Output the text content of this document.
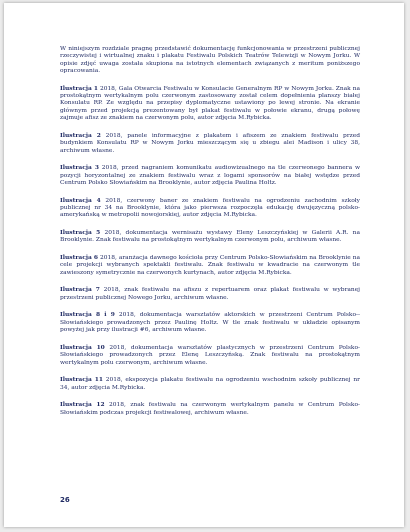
W niniejszym rozdziale pragnę przedstawić dokumentację funkcjonowania w przestrzeni publicznej rzeczywistej i wirtualnej znaku i plakatu Festiwalu Polskich Teatrów Telewizji w Nowym Jorku. W opisie zdjęć uwaga została skupiona na istotnych elementach związanych z meritum poniższego opracowania.

Ilustracja 1 2018, Gala Otwarcia Festiwalu w Konsulacie Generalnym RP w Nowym Jorku. Znak na prostokątnym wertykalnym polu czerwonym zastosowany został celem dopełnienia planszy białej Konsulatu RP. Ze względu na przepisy dyplomatyczne ustawiony po lewej stronie. Na ekranie głównym przed projekcją prezentowany był plakat festiwalu w połowie ekranu, drugą połowę zajmuje afisz ze znakiem na czerwonym polu, autor zdjęcia M.Rybicka.

Ilustracja 2 2018, panele informacyjne z plakatem i afiszem ze znakiem festiwalu przed budynkiem Konsulatu RP w Nowym Jorku mieszczącym się u zbiegu alei Madison i ulicy 38, archiwum własne.

Ilustracja 3 2018, przed nagraniem komunikatu audiowizualnego na tle czerwonego bannera w pozycji horyzontalnej ze znakiem festiwalu wraz z logami sponsorów na białej wstędze przed Centrum Polsko Słowiańskim na Brooklynie, autor zdjęcia Paulina Holtz.

Ilustracja 4 2018, czerwony baner ze znakiem festiwalu na ogrodzeniu zachodnim szkoły publicznej nr 34 na Brooklynie, która jako pierwsza rozpoczęła edukację dwujęzyczną polsko-amerykańską w metropolii nowojorskiej, autor zdjęcia M.Rybicka.

Ilustracja 5 2018, dokumentacja wernisażu wystawy Eleny Leszczyńskiej w Galerii A.R. na Brooklynie. Znak festiwalu na prostokątnym wertykalnym czerwonym polu, archiwum własne.

Ilustracja 6 2018, aranżacja dawnego kościoła przy Centrum Polsko-Słowiańskim na Brooklynie na cele projekcji wybranych spektakli festiwalu. Znak festiwalu w kwadracie na czerwonym tle zawieszony symetrycznie na czerwonych kurtynach, autor zdjęcia M.Rybicka.

Ilustracja 7 2018, znak festiwalu na afiszu z repertuarem oraz plakat festiwalu w wybranej przestrzeni publicznej Nowego Jorku, archiwum własne.

Ilustracja 8 i 9 2018, dokumentacja warsztatów aktorskich w przestrzeni Centrum Polsko--Słowiańskiego prowadzonych przez Paulinę Holtz. W tle znak festiwalu w układzie opisanym powyżej jak przy ilustracji #6, archiwum własne.

Ilustracja 10 2018, dokumentacja warsztatów plastycznych w przestrzeni Centrum Polsko-Słowiańskiego prowadzonych przez Elenę Leszczyńską. Znak festiwalu na prostokątnym wertykalnym polu czerwonym, archiwum własne.

Ilustracja 11 2018, ekspozycja plakatu festiwalu na ogrodzeniu wschodnim szkoły publicznej nr 34, autor zdjęcia M.Rybicka.

Ilustracja 12 2018, znak festiwalu na czerwonym wertykalnym panelu w Centrum Polsko-Słowiańskim podczas projekcji festiwalowej, archiwum własne.

26
